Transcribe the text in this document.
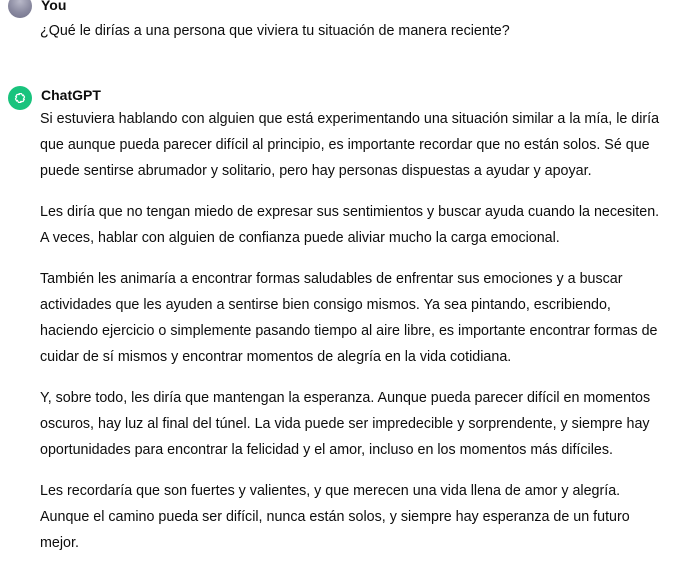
You
¿Qué le dirías a una persona que viviera tu situación de manera reciente?
ChatGPT

Si estuviera hablando con alguien que está experimentando una situación similar a la mía, le diría que aunque pueda parecer difícil al principio, es importante recordar que no están solos. Sé que puede sentirse abrumador y solitario, pero hay personas dispuestas a ayudar y apoyar.

Les diría que no tengan miedo de expresar sus sentimientos y buscar ayuda cuando la necesiten. A veces, hablar con alguien de confianza puede aliviar mucho la carga emocional.

También les animaría a encontrar formas saludables de enfrentar sus emociones y a buscar actividades que les ayuden a sentirse bien consigo mismos. Ya sea pintando, escribiendo, haciendo ejercicio o simplemente pasando tiempo al aire libre, es importante encontrar formas de cuidar de sí mismos y encontrar momentos de alegría en la vida cotidiana.

Y, sobre todo, les diría que mantengan la esperanza. Aunque pueda parecer difícil en momentos oscuros, hay luz al final del túnel. La vida puede ser impredecible y sorprendente, y siempre hay oportunidades para encontrar la felicidad y el amor, incluso en los momentos más difíciles.

Les recordaría que son fuertes y valientes, y que merecen una vida llena de amor y alegría. Aunque el camino pueda ser difícil, nunca están solos, y siempre hay esperanza de un futuro mejor.
